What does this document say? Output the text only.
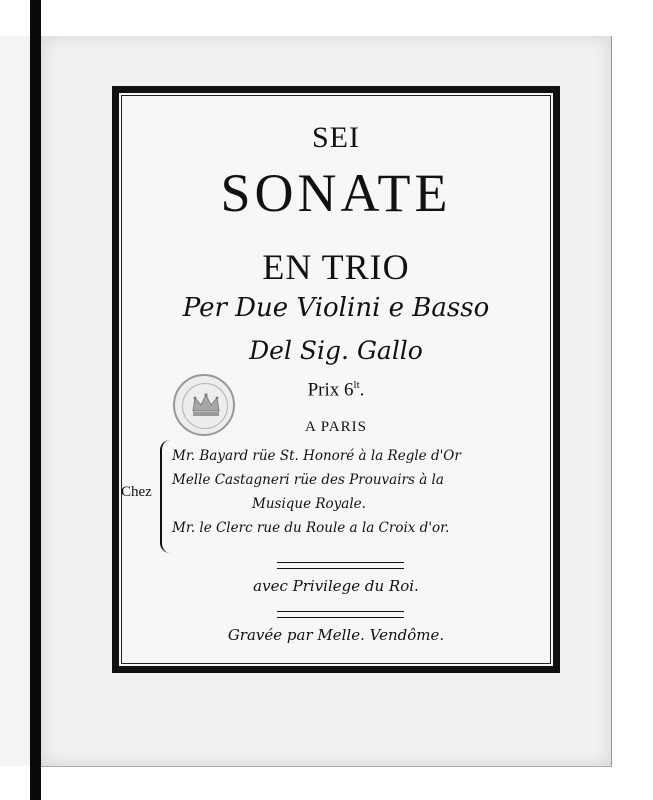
SEI
SONATE
EN TRIO
Per Due Violini e Basso
Del Sig. Gallo
Prix $6^{lt}$.
A PARIS
Chez
Mr. Bayard rüe St. Honoré à la Regle d'Or
Melle Castagneri rüe des Prouvairs à la
Musique Royale.
Mr. le Clerc rue du Roule a la Croix d'or.
avec Privilege du Roi.
Gravée par Melle. Vendôme.
